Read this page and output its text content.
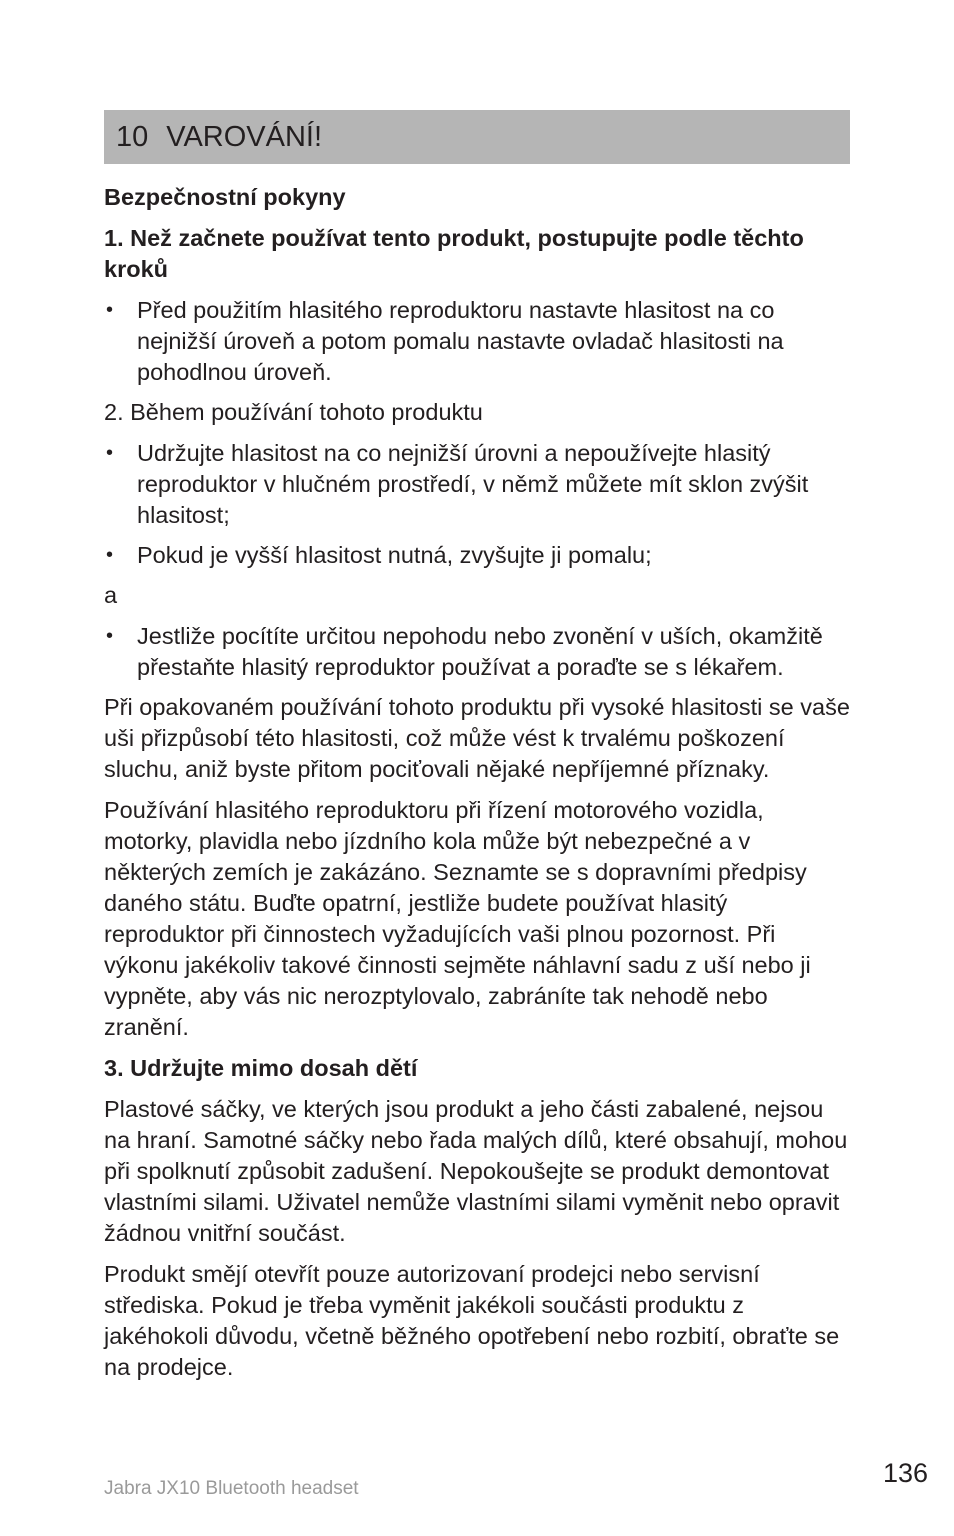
10 VAROVÁNÍ!

Bezpečnostní pokyny

1. Než začnete používat tento produkt, postupujte podle těchto kroků

• Před použitím hlasitého reproduktoru nastavte hlasitost na co nejnižší úroveň a potom pomalu nastavte ovladač hlasitosti na pohodlnou úroveň.

2. Během používání tohoto produktu

• Udržujte hlasitost na co nejnižší úrovni a nepoužívejte hlasitý reproduktor v hlučném prostředí, v němž můžete mít sklon zvýšit hlasitost;
• Pokud je vyšší hlasitost nutná, zvyšujte ji pomalu;

a

• Jestliže pocítíte určitou nepohodu nebo zvonění v uších, okamžitě přestaňte hlasitý reproduktor používat a poraďte se s lékařem.

Při opakovaném používání tohoto produktu při vysoké hlasitosti se vaše uši přizpůsobí této hlasitosti, což může vést k trvalému poškození sluchu, aniž byste přitom pociťovali nějaké nepříjemné příznaky.

Používání hlasitého reproduktoru při řízení motorového vozidla, motorky, plavidla nebo jízdního kola může být nebezpečné a v některých zemích je zakázáno. Seznamte se s dopravními předpisy daného státu. Buďte opatrní, jestliže budete používat hlasitý reproduktor při činnostech vyžadujících vaši plnou pozornost. Při výkonu jakékoliv takové činnosti sejměte náhlavní sadu z uší nebo ji vypněte, aby vás nic nerozptylovalo, zabráníte tak nehodě nebo zranění.

3. Udržujte mimo dosah dětí

Plastové sáčky, ve kterých jsou produkt a jeho části zabalené, nejsou na hraní. Samotné sáčky nebo řada malých dílů, které obsahují, mohou při spolknutí způsobit zadušení. Nepokoušejte se produkt demontovat vlastními silami. Uživatel nemůže vlastními silami vyměnit nebo opravit žádnou vnitřní součást.

Produkt smějí otevřít pouze autorizovaní prodejci nebo servisní střediska. Pokud je třeba vyměnit jakékoli součásti produktu z jakéhokoli důvodu, včetně běžného opotřebení nebo rozbití, obraťte se na prodejce.

Jabra JX10 Bluetooth headset
136
